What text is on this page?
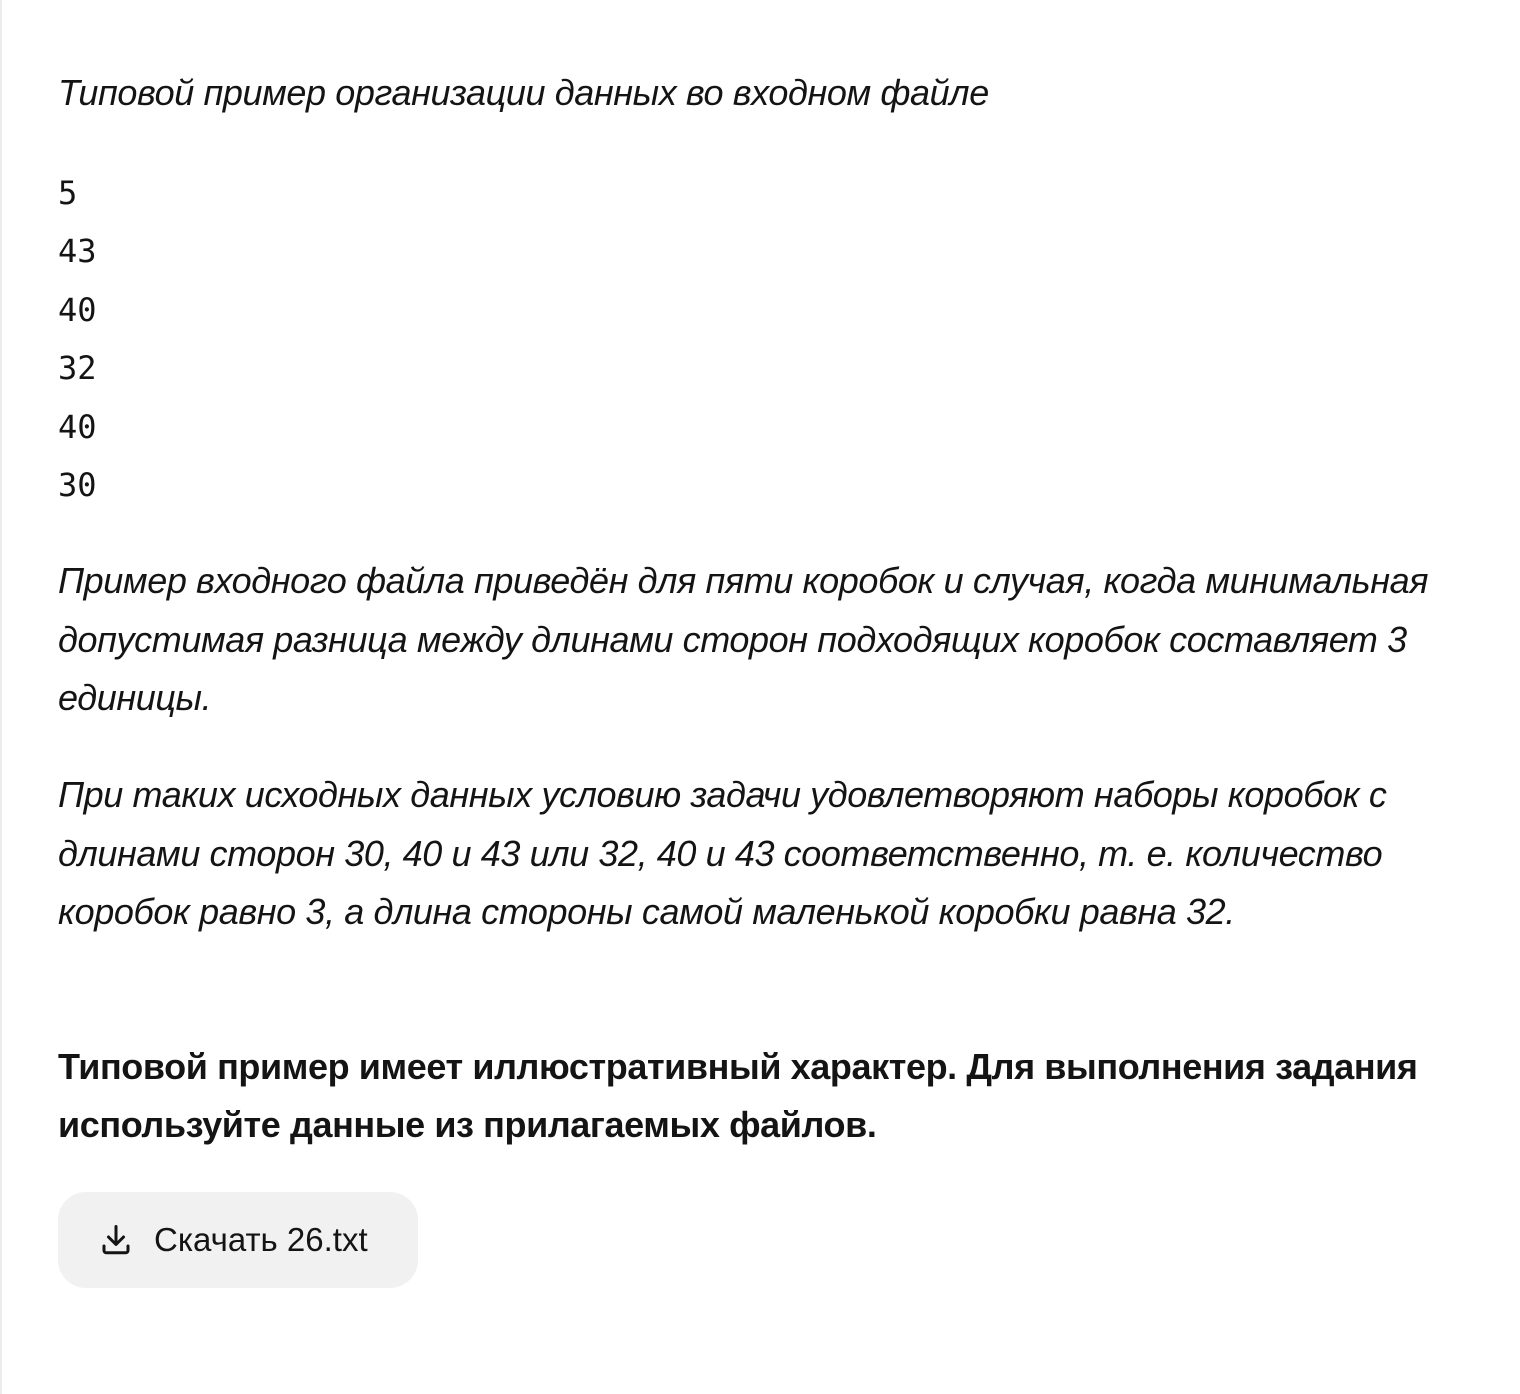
Типовой пример организации данных во входном файле

5
43
40
32
40
30

Пример входного файла приведён для пяти коробок и случая, когда минимальная допустимая разница между длинами сторон подходящих коробок составляет 3 единицы.

При таких исходных данных условию задачи удовлетворяют наборы коробок с длинами сторон 30, 40 и 43 или 32, 40 и 43 соответственно, т. е. количество коробок равно 3, а длина стороны самой маленькой коробки равна 32.

Типовой пример имеет иллюстративный характер. Для выполнения задания используйте данные из прилагаемых файлов.

Скачать 26.txt
